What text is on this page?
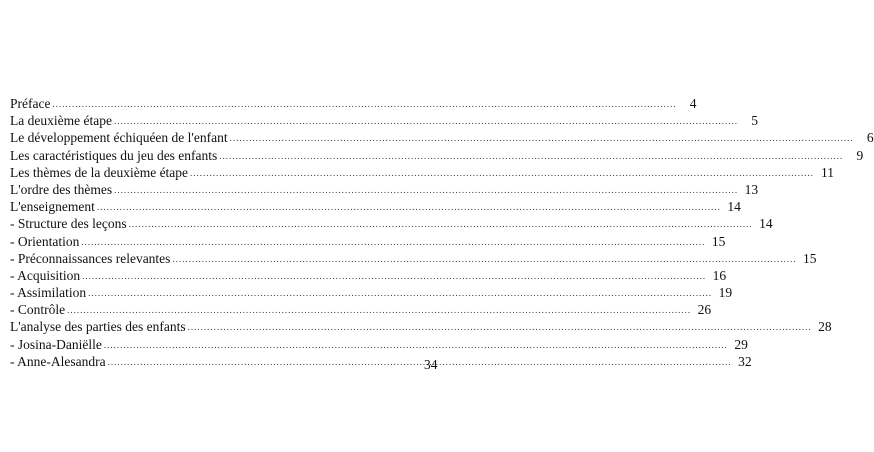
Préface .....	4
La deuxième étape .....	5
Le développement échiquéen de l'enfant .....	6
Les caractéristiques du jeu des enfants .....	9
Les thèmes de la deuxième étape .....	11
L'ordre des thèmes .....	13
L'enseignement .....	14
- Structure des leçons .....	14
- Orientation .....	15
- Préconnaissances relevantes .....	15
- Acquisition .....	16
- Assimilation .....	19
- Contrôle .....	26
L'analyse des parties des enfants .....	28
- Josina-Daniëlle .....	29
- Anne-Alesandra .....	32
34
